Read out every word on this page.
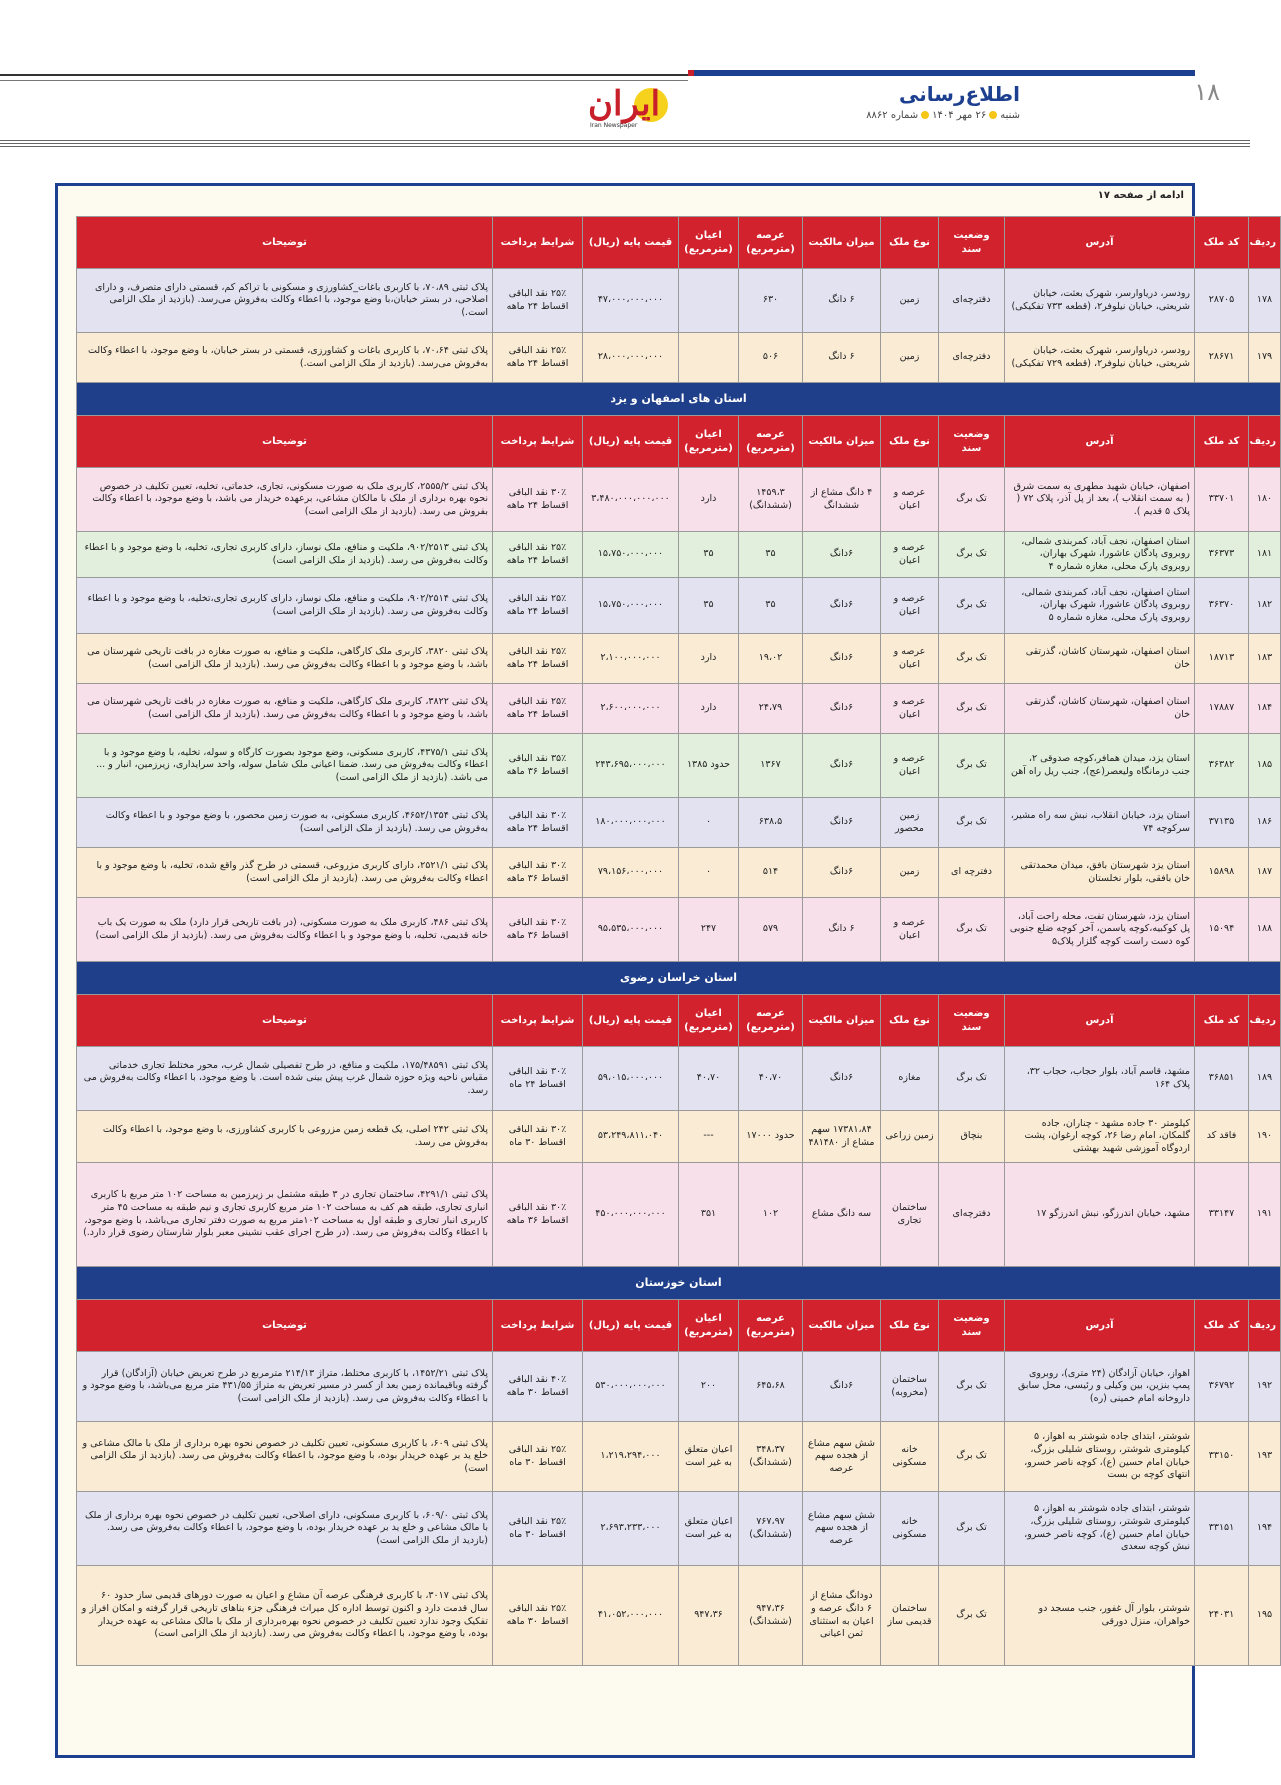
۱۸
اطلاع‌رسانی
شنبه۲۶ مهر ۱۴۰۴شماره ۸۸۶۲
ایران
Iran Newspaper
ادامه از صفحه ۱۷
ردیف	کد ملک	آدرس	وضعیت سند	نوع ملک	میزان مالکیت	عرصه (مترمربع)	اعیان (مترمربع)	قیمت پایه (ریال)	شرایط پرداخت	توضیحات
۱۷۸	۲۸۷۰۵	رودسر، دریاوارسر، شهرک بعثت، خیابان شریعتی، خیابان نیلوفر۲، (قطعه ۷۳۳ تفکیکی)	دفترچه‌ای	زمین	۶ دانگ	۶۳۰		۴۷،۰۰۰،۰۰۰،۰۰۰	۲۵٪ نقد الباقی اقساط ۲۴ ماهه	پلاک ثبتی ۷۰،۸۹، با کاربری باغات_کشاورزی و مسکونی با تراکم کم، قسمتی دارای متصرف، و دارای اصلاحی، در بستر خیابان،با وضع موجود، با اعطاء وکالت به‌فروش می‌رسد. (بازدید از ملک الزامی است.)
۱۷۹	۲۸۶۷۱	رودسر، دریاوارسر، شهرک بعثت، خیابان شریعتی، خیابان نیلوفر۲، (قطعه ۷۲۹ تفکیکی)	دفترچه‌ای	زمین	۶ دانگ	۵۰۶		۲۸،۰۰۰،۰۰۰،۰۰۰	۲۵٪ نقد الباقی اقساط ۲۴ ماهه	پلاک ثبتی ۷۰،۶۴، با کاربری باغات و کشاورزی، قسمتی در بستر خیابان، با وضع موجود، با اعطاء وکالت به‌فروش می‌رسد. (بازدید از ملک الزامی است.)
استان های اصفهان و یزد										
ردیف	کد ملک	آدرس	وضعیت سند	نوع ملک	میزان مالکیت	عرصه (مترمربع)	اعیان (مترمربع)	قیمت پایه (ریال)	شرایط پرداخت	توضیحات
۱۸۰	۳۳۷۰۱	اصفهان، خیابان شهید مطهری به سمت شرق ( به سمت انقلاب )، بعد از پل آذر، پلاک ۷۲ ( پلاک ۵ قدیم ).	تک برگ	عرصه و اعیان	۴ دانگ مشاع از ششدانگ	۱۴۵۹،۳ (ششدانگ)	دارد	۳،۴۸۰،۰۰۰،۰۰۰،۰۰۰	۳۰٪ نقد الباقی اقساط ۲۴ ماهه	پلاک ثبتی ۲۵۵۵/۲، کاربری ملک به صورت مسکونی، تجاری، خدماتی، تخلیه، تعیین تکلیف در خصوص نحوه بهره برداری از ملک با مالکان مشاعی، برعهده خریدار می باشد، با وضع موجود، با اعطاء وکالت بفروش می رسد. (بازدید از ملک الزامی است)
۱۸۱	۳۶۳۷۳	استان اصفهان، نجف آباد، کمربندی شمالی، روبروی پادگان عاشورا، شهرک بهاران، روبروی پارک محلی، مغازه شماره ۴	تک برگ	عرصه و اعیان	۶دانگ	۳۵	۳۵	۱۵،۷۵۰،۰۰۰،۰۰۰	۲۵٪ نقد الباقی اقساط ۲۴ ماهه	پلاک ثبتی ۹۰۲/۲۵۱۳، ملکیت و منافع، ملک نوساز، دارای کاربری تجاری، تخلیه، با وضع موجود و با اعطاء وکالت به‌فروش می رسد. (بازدید از ملک الزامی است)
۱۸۲	۳۶۳۷۰	استان اصفهان، نجف آباد، کمربندی شمالی، روبروی پادگان عاشورا، شهرک بهاران، روبروی پارک محلی، مغازه شماره ۵	تک برگ	عرصه و اعیان	۶دانگ	۳۵	۳۵	۱۵،۷۵۰،۰۰۰،۰۰۰	۲۵٪ نقد الباقی اقساط ۲۴ ماهه	پلاک ثبتی ۹۰۲/۲۵۱۴، ملکیت و منافع، ملک نوساز، دارای کاربری تجاری،تخلیه، با وضع موجود و با اعطاء وکالت به‌فروش می رسد. (بازدید از ملک الزامی است)
۱۸۳	۱۸۷۱۳	استان اصفهان، شهرستان کاشان، گذرتقی خان	تک برگ	عرصه و اعیان	۶دانگ	۱۹،۰۲	دارد	۲،۱۰۰،۰۰۰،۰۰۰	۲۵٪ نقد الباقی اقساط ۲۴ ماهه	پلاک ثبتی ۳۸۲۰، کاربری ملک کارگاهی، ملکیت و منافع، به صورت مغازه در بافت تاریخی شهرستان می باشد، با وضع موجود و با اعطاء وکالت به‌فروش می رسد. (بازدید از ملک الزامی است)
۱۸۴	۱۷۸۸۷	استان اصفهان، شهرستان کاشان، گذرتقی خان	تک برگ	عرصه و اعیان	۶دانگ	۲۴،۷۹	دارد	۲،۶۰۰،۰۰۰،۰۰۰	۲۵٪ نقد الباقی اقساط ۲۴ ماهه	پلاک ثبتی ۳۸۲۲، کاربری ملک کارگاهی، ملکیت و منافع، به صورت مغازه در بافت تاریخی شهرستان می باشد، با وضع موجود و با اعطاء وکالت به‌فروش می رسد. (بازدید از ملک الزامی است)
۱۸۵	۳۶۳۸۲	استان یزد، میدان همافر،کوچه صدوقی ۲، جنب درمانگاه ولیعصر(عج)، جنب ریل راه آهن	تک برگ	عرصه و اعیان	۶دانگ	۱۳۶۷	حدود ۱۳۸۵	۲۴۳،۶۹۵،۰۰۰،۰۰۰	۳۵٪ نقد الباقی اقساط ۳۶ ماهه	پلاک ثبتی ۴۳۷۵/۱، کاربری مسکونی، وضع موجود بصورت کارگاه و سوله، تخلیه، با وضع موجود و با اعطاء وکالت به‌فروش می رسد. ضمنا اعیانی ملک شامل سوله، واحد سرایداری، زیرزمین، انبار و ... می باشد. (بازدید از ملک الزامی است)
۱۸۶	۳۷۱۳۵	استان یزد، خیابان انقلاب، نبش سه راه مشیر، سرکوچه ۷۴	تک برگ	زمین محصور	۶دانگ	۶۳۸،۵	۰	۱۸۰،۰۰۰،۰۰۰،۰۰۰	۳۰٪ نقد الباقی اقساط ۲۴ ماهه	پلاک ثبتی ۴۶۵۲/۱۳۵۴، کاربری مسکونی، به صورت زمین محصور، با وضع موجود و با اعطاء وکالت به‌فروش می رسد. (بازدید از ملک الزامی است)
۱۸۷	۱۵۸۹۸	استان یزد شهرستان بافق، میدان محمدتقی خان بافقی، بلوار نخلستان	دفترچه ای	زمین	۶دانگ	۵۱۴	۰	۷۹،۱۵۶،۰۰۰،۰۰۰	۳۰٪ نقد الباقی اقساط ۳۶ ماهه	پلاک ثبتی ۲۵۲۱/۱، دارای کاربری مزروعی، قسمتی در طرح گذر واقع شده، تخلیه، با وضع موجود و با اعطاء وکالت به‌فروش می رسد. (بازدید از ملک الزامی است)
۱۸۸	۱۵۰۹۴	استان یزد، شهرستان تفت، محله راحت آباد، پل کوکبیه،کوچه یاسمن، آخر کوچه ضلع جنوبی کوه دست راست کوچه گلزار پلاک۵	تک برگ	عرصه و اعیان	۶ دانگ	۵۷۹	۲۴۷	۹۵،۵۳۵،۰۰۰،۰۰۰	۳۰٪ نقد الباقی اقساط ۳۶ ماهه	پلاک ثبتی ۴۸۶، کاربری ملک به صورت مسکونی، (در بافت تاریخی قرار دارد) ملک به صورت یک باب خانه قدیمی، تخلیه، با وضع موجود و با اعطاء وکالت به‌فروش می رسد. (بازدید از ملک الزامی است)
استان خراسان رضوی										
ردیف	کد ملک	آدرس	وضعیت سند	نوع ملک	میزان مالکیت	عرصه (مترمربع)	اعیان (مترمربع)	قیمت پایه (ریال)	شرایط پرداخت	توضیحات
۱۸۹	۳۶۸۵۱	مشهد، قاسم آباد، بلوار حجاب، حجاب ۳۲، پلاک ۱۶۴	تک برگ	مغازه	۶دانگ	۴۰،۷۰	۴۰،۷۰	۵۹،۰۱۵،۰۰۰،۰۰۰	۳۰٪ نقد الباقی اقساط ۲۴ ماه	پلاک ثبتی ۱۷۵/۴۸۵۹۱، ملکیت و منافع، در طرح تفصیلی شمال غرب، محور مختلط تجاری خدماتی مقیاس ناحیه ویژه حوزه شمال غرب پیش بینی شده است. با وضع موجود، با اعطاء وکالت به‌فروش می رسد.
۱۹۰	فاقد کد	کیلومتر ۳۰ جاده مشهد - چناران، جاده گلمکان، امام رضا ۲۶، کوچه ارغوان، پشت اردوگاه آموزشی شهید بهشتی	بنچاق	زمین زراعی	۱۷۳۸۱،۸۴ سهم مشاع از ۴۸۱۴۸۰	حدود ۱۷۰۰۰	---	۵۳،۲۴۹،۸۱۱،۰۴۰	۳۰٪ نقد الباقی اقساط ۳۰ ماه	پلاک ثبتی ۲۴۲ اصلی، یک قطعه زمین مزروعی با کاربری کشاورزی، با وضع موجود، با اعطاء وکالت به‌فروش می رسد.
۱۹۱	۳۳۱۴۷	مشهد، خیابان اندرزگو، نبش اندرزگو ۱۷	دفترچه‌ای	ساختمان تجاری	سه دانگ مشاع	۱۰۲	۳۵۱	۴۵۰،۰۰۰،۰۰۰،۰۰۰	۳۰٪ نقد الباقی اقساط ۳۶ ماهه	پلاک ثبتی ۴۲۹۱/۱، ساختمان تجاری در ۳ طبقه مشتمل بر زیرزمین به مساحت ۱۰۲ متر مربع با کاربری انباری تجاری، طبقه هم کف به مساحت ۱۰۲ متر مربع کاربری تجاری و نیم طبقه به مساحت ۴۵ متر کاربری انبار تجاری و طبقه اول به مساحت ۱۰۲متر مربع به صورت دفتر تجاری می‌باشد، با وضع موجود، با اعطاء وکالت به‌فروش می رسد. (در طرح اجرای عقب نشینی معبر بلوار شارستان رضوی قرار دارد.)
استان خوزستان										
ردیف	کد ملک	آدرس	وضعیت سند	نوع ملک	میزان مالکیت	عرصه (مترمربع)	اعیان (مترمربع)	قیمت پایه (ریال)	شرایط پرداخت	توضیحات
۱۹۲	۳۶۷۹۲	اهواز، خیابان آزادگان (۲۴ متری)، روبروی پمپ بنزین، بین وکیلی و رئیسی، محل سابق داروخانه امام خمینی (ره)	تک برگ	ساختمان (مخروبه)	۶دانگ	۶۴۵،۶۸	۲۰۰	۵۳۰،۰۰۰،۰۰۰،۰۰۰	۴۰٪ نقد الباقی اقساط ۳۰ ماهه	پلاک ثبتی ۱۴۵۲/۲۱، با کاربری مختلط، متراژ ۲۱۴/۱۳ مترمربع در طرح تعریض خیابان (آزادگان) قرار گرفته وباقیمانده زمین بعد از کسر در مسیر تعریض به متراژ ۴۳۱/۵۵ متر مربع می‌باشد، با وضع موجود و با اعطاء وکالت به‌فروش می رسد. (بازدید از ملک الزامی است)
۱۹۳	۳۳۱۵۰	شوشتر، ابتدای جاده شوشتر به اهواز، ۵ کیلومتری شوشتر، روستای شلیلی بزرگ، خیابان امام حسین (ع)، کوچه ناصر خسرو، انتهای کوچه بن بست	تک برگ	خانه مسکونی	شش سهم مشاع از هجده سهم عرصه	۳۴۸،۳۷ (ششدانگ)	اعیان متعلق به غیر است	۱،۲۱۹،۲۹۴،۰۰۰	۲۵٪ نقد الباقی اقساط ۳۰ ماه	پلاک ثبتی ۶۰۹، با کاربری مسکونی، تعیین تکلیف در خصوص نحوه بهره برداری از ملک با مالک مشاعی و خلع ید بر عهده خریدار بوده، با وضع موجود، با اعطاء وکالت به‌فروش می رسد. (بازدید از ملک الزامی است)
۱۹۴	۳۳۱۵۱	شوشتر، ابتدای جاده شوشتر به اهواز، ۵ کیلومتری شوشتر، روستای شلیلی بزرگ، خیابان امام حسین (ع)، کوچه ناصر خسرو، نبش کوچه سعدی	تک برگ	خانه مسکونی	شش سهم مشاع از هجده سهم عرصه	۷۶۷،۹۷ (ششدانگ)	اعیان متعلق به غیر است	۲،۶۹۳،۲۳۳،۰۰۰	۲۵٪ نقد الباقی اقساط ۳۰ ماه	پلاک ثبتی ۶۰۹/۰، با کاربری مسکونی، دارای اصلاحی، تعیین تکلیف در خصوص نحوه بهره برداری از ملک با مالک مشاعی و خلع ید بر عهده خریدار بوده، با وضع موجود، با اعطاء وکالت به‌فروش می رسد. (بازدید از ملک الزامی است)
۱۹۵	۲۴۰۳۱	شوشتر، بلوار آل غفور، جنب مسجد دو خواهران، منزل دورقی	تک برگ	ساختمان قدیمی ساز	دودانگ مشاع از ۶ دانگ عرصه و اعیان به استثنای ثمن اعیانی	۹۴۷،۳۶ (ششدانگ)	۹۴۷،۳۶	۴۱،۰۵۲،۰۰۰،۰۰۰	۲۵٪ نقد الباقی اقساط ۳۰ ماهه	پلاک ثبتی ۳۰۱۷، با کاربری فرهنگی عرصه آن مشاع و اعیان به صورت دورهای قدیمی ساز حدود ۶۰ سال قدمت دارد و اکنون توسط اداره کل میراث فرهنگی جزء بناهای تاریخی قرار گرفته و امکان افراز و تفکیک وجود ندارد تعیین تکلیف در خصوص نحوه بهره‌برداری از ملک با مالک مشاعی به عهده خریدار بوده، با وضع موجود، با اعطاء وکالت به‌فروش می رسد. (بازدید از ملک الزامی است)
